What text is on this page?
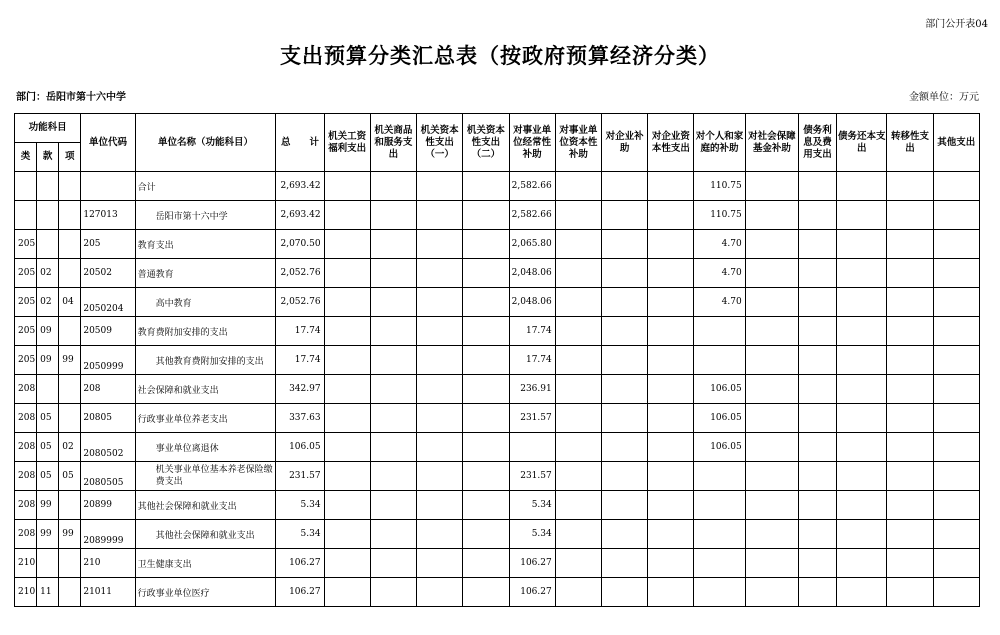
部门公开表04
支出预算分类汇总表（按政府预算经济分类）
部门：岳阳市第十六中学	金额单位：万元
功能科目			单位代码	单位名称（功能科目）	总　　计	机关工资福利支出	机关商品和服务支出	机关资本性支出（一）	机关资本性支出（二）	对事业单位经常性补助	对事业单位资本性补助	对企业补助	对企业资本性支出	对个人和家庭的补助	对社会保障基金补助	债务利息及费用支出	债务还本支出	转移性支出	其他支出
类	款	项																	
				合计	2,693.42					2,582.66				110.75					
			127013	岳阳市第十六中学	2,693.42					2,582.66				110.75					
205			205	教育支出	2,070.50					2,065.80				4.70					
205	02		20502	普通教育	2,052.76					2,048.06				4.70					
205	02	04	2050204	高中教育	2,052.76					2,048.06				4.70					
205	09		20509	教育费附加安排的支出	17.74					17.74									
205	09	99	2050999	其他教育费附加安排的支出	17.74					17.74									
208			208	社会保障和就业支出	342.97					236.91				106.05					
208	05		20805	行政事业单位养老支出	337.63					231.57				106.05					
208	05	02	2080502	事业单位离退休	106.05									106.05					
208	05	05	2080505	机关事业单位基本养老保险缴费支出	231.57					231.57									
208	99		20899	其他社会保障和就业支出	5.34					5.34									
208	99	99	2089999	其他社会保障和就业支出	5.34					5.34									
210			210	卫生健康支出	106.27					106.27									
210	11		21011	行政事业单位医疗	106.27					106.27									
